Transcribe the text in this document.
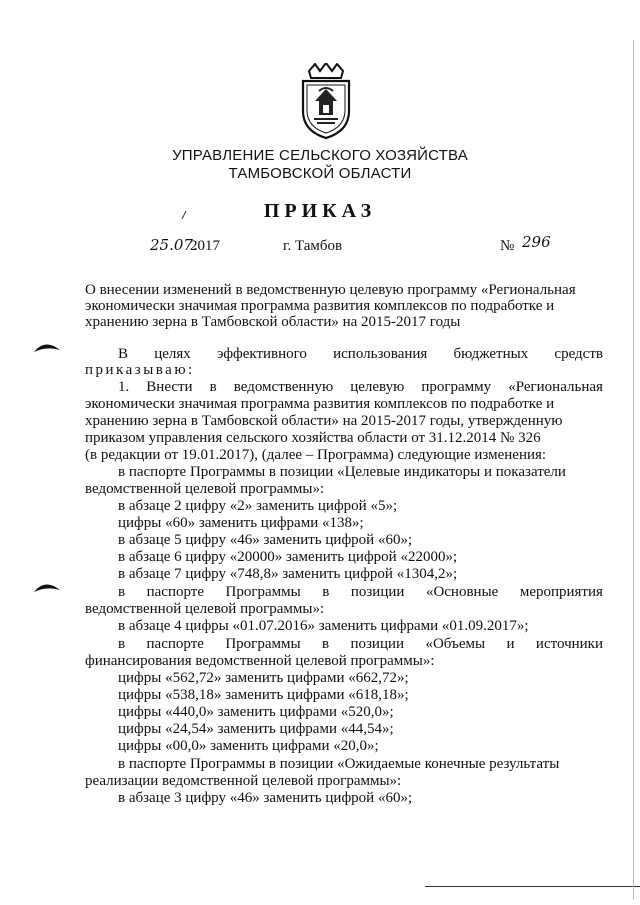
УПРАВЛЕНИЕ СЕЛЬСКОГО ХОЗЯЙСТВА
ТАМБОВСКОЙ ОБЛАСТИ
ПРИКАЗ
25.07.
2017	г. Тамбов	№ 296
О внесении изменений в ведомственную целевую программу «Региональная
экономически значимая программа развития комплексов по подработке и
хранению зерна в Тамбовской области» на 2015-2017 годы
В целях эффективного использования бюджетных средств
приказываю:
1. Внести в ведомственную целевую программу «Региональная
экономически значимая программа развития комплексов по подработке и
хранению зерна в Тамбовской области» на 2015-2017 годы, утвержденную
приказом управления сельского хозяйства области от 31.12.2014 № 326
(в редакции от 19.01.2017), (далее – Программа) следующие изменения:
в паспорте Программы в позиции «Целевые индикаторы и показатели
ведомственной целевой программы»:
в абзаце 2 цифру «2» заменить цифрой «5»;
цифры «60» заменить цифрами «138»;
в абзаце 5 цифру «46» заменить цифрой «60»;
в абзаце 6 цифру «20000» заменить цифрой «22000»;
в абзаце 7 цифру «748,8» заменить цифрой «1304,2»;
в паспорте Программы в позиции «Основные мероприятия
ведомственной целевой программы»:
в абзаце 4 цифры «01.07.2016» заменить цифрами «01.09.2017»;
в паспорте Программы в позиции «Объемы и источники
финансирования ведомственной целевой программы»:
цифры «562,72» заменить цифрами «662,72»;
цифры «538,18» заменить цифрами «618,18»;
цифры «440,0» заменить цифрами «520,0»;
цифры «24,54» заменить цифрами «44,54»;
цифры «00,0» заменить цифрами «20,0»;
в паспорте Программы в позиции «Ожидаемые конечные результаты
реализации ведомственной целевой программы»:
в абзаце 3 цифру «46» заменить цифрой «60»;
